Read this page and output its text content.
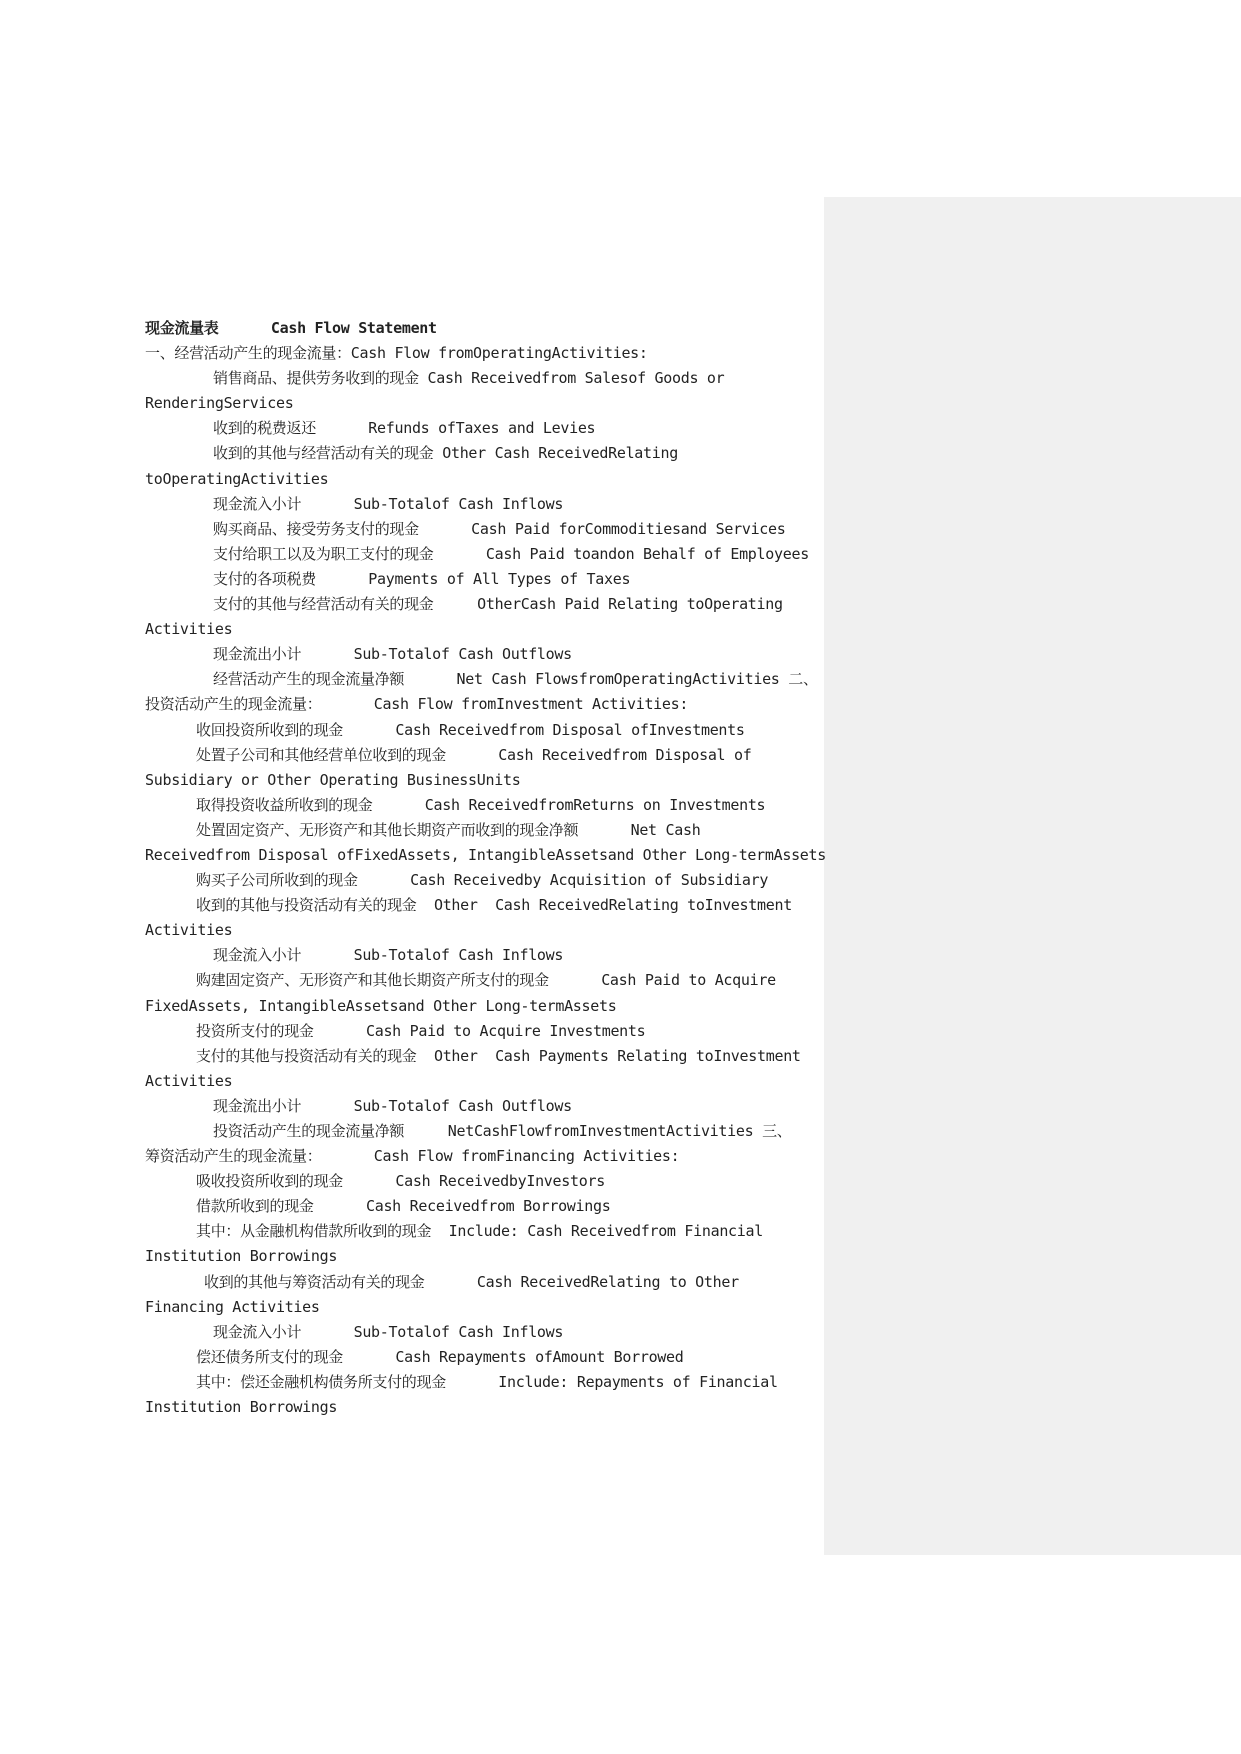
现金流量表      Cash Flow Statement
一、经营活动产生的现金流量：Cash Flow fromOperatingActivities:
销售商品、提供劳务收到的现金 Cash Receivedfrom Salesof Goods or
RenderingServices
收到的税费返还      Refunds ofTaxes and Levies
收到的其他与经营活动有关的现金 Other Cash ReceivedRelating
toOperatingActivities
现金流入小计      Sub-Totalof Cash Inflows
购买商品、接受劳务支付的现金      Cash Paid forCommoditiesand Services
支付给职工以及为职工支付的现金      Cash Paid toandon Behalf of Employees
支付的各项税费      Payments of All Types of Taxes
支付的其他与经营活动有关的现金     OtherCash Paid Relating toOperating
Activities
现金流出小计      Sub-Totalof Cash Outflows
经营活动产生的现金流量净额      Net Cash FlowsfromOperatingActivities 二、
投资活动产生的现金流量：      Cash Flow fromInvestment Activities:
收回投资所收到的现金      Cash Receivedfrom Disposal ofInvestments
处置子公司和其他经营单位收到的现金      Cash Receivedfrom Disposal of
Subsidiary or Other Operating BusinessUnits
取得投资收益所收到的现金      Cash ReceivedfromReturns on Investments
处置固定资产、无形资产和其他长期资产而收到的现金净额      Net Cash
Receivedfrom Disposal ofFixedAssets, IntangibleAssetsand Other Long-termAssets
购买子公司所收到的现金      Cash Receivedby Acquisition of Subsidiary
收到的其他与投资活动有关的现金  Other  Cash ReceivedRelating toInvestment
Activities
现金流入小计      Sub-Totalof Cash Inflows
购建固定资产、无形资产和其他长期资产所支付的现金      Cash Paid to Acquire
FixedAssets, IntangibleAssetsand Other Long-termAssets
投资所支付的现金      Cash Paid to Acquire Investments
支付的其他与投资活动有关的现金  Other  Cash Payments Relating toInvestment
Activities
现金流出小计      Sub-Totalof Cash Outflows
投资活动产生的现金流量净额     NetCashFlowfromInvestmentActivities 三、
筹资活动产生的现金流量：      Cash Flow fromFinancing Activities:
吸收投资所收到的现金      Cash ReceivedbyInvestors
借款所收到的现金      Cash Receivedfrom Borrowings
其中：从金融机构借款所收到的现金  Include: Cash Receivedfrom Financial
Institution Borrowings
收到的其他与筹资活动有关的现金      Cash ReceivedRelating to Other
Financing Activities
现金流入小计      Sub-Totalof Cash Inflows
偿还债务所支付的现金      Cash Repayments ofAmount Borrowed
其中：偿还金融机构债务所支付的现金      Include: Repayments of Financial
Institution Borrowings
